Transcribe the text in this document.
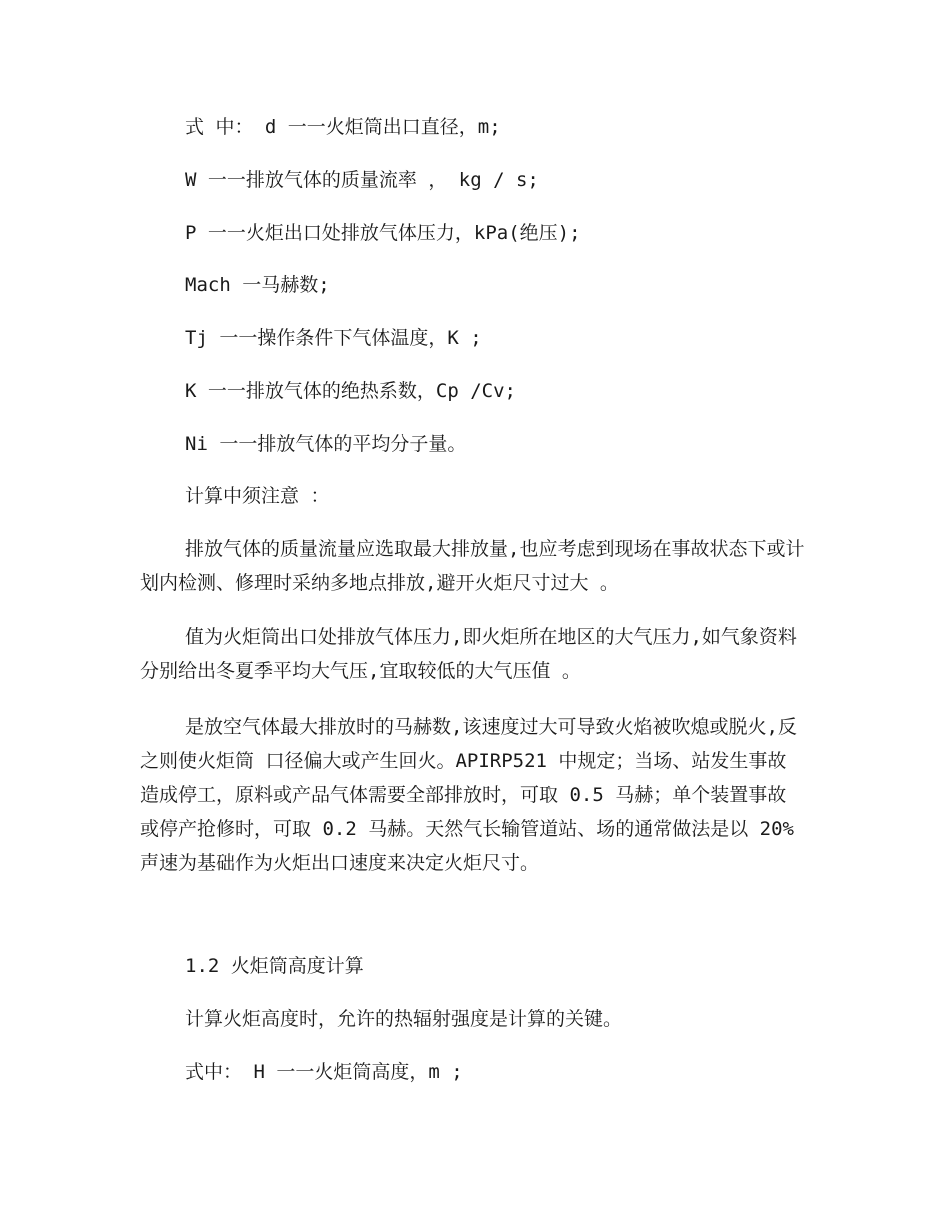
式 中： d 一一火炬筒出口直径，m;
W 一一排放气体的质量流率 ， kg / s;
P 一一火炬出口处排放气体压力，kPa(绝压);
Mach 一马赫数;
Tj 一一操作条件下气体温度，K ;
K 一一排放气体的绝热系数，Cp /Cv;
Ni 一一排放气体的平均分子量。
计算中须注意 ：

排放气体的质量流量应选取最大排放量,也应考虑到现场在事故状态下或计划内检测、修理时采纳多地点排放,避开火炬尺寸过大 。

值为火炬筒出口处排放气体压力,即火炬所在地区的大气压力,如气象资料分别给出冬夏季平均大气压,宜取较低的大气压值 。

是放空气体最大排放时的马赫数,该速度过大可导致火焰被吹熄或脱火,反之则使火炬筒 口径偏大或产生回火。APIRP521 中规定；当场、站发生事故造成停工，原料或产品气体需要全部排放时，可取 0.5 马赫；单个装置事故或停产抢修时，可取 0.2 马赫。天然气长输管道站、场的通常做法是以 20%声速为基础作为火炬出口速度来决定火炬尺寸。

1.2 火炬筒高度计算
计算火炬高度时，允许的热辐射强度是计算的关键。
式中： H 一一火炬筒高度，m ;
